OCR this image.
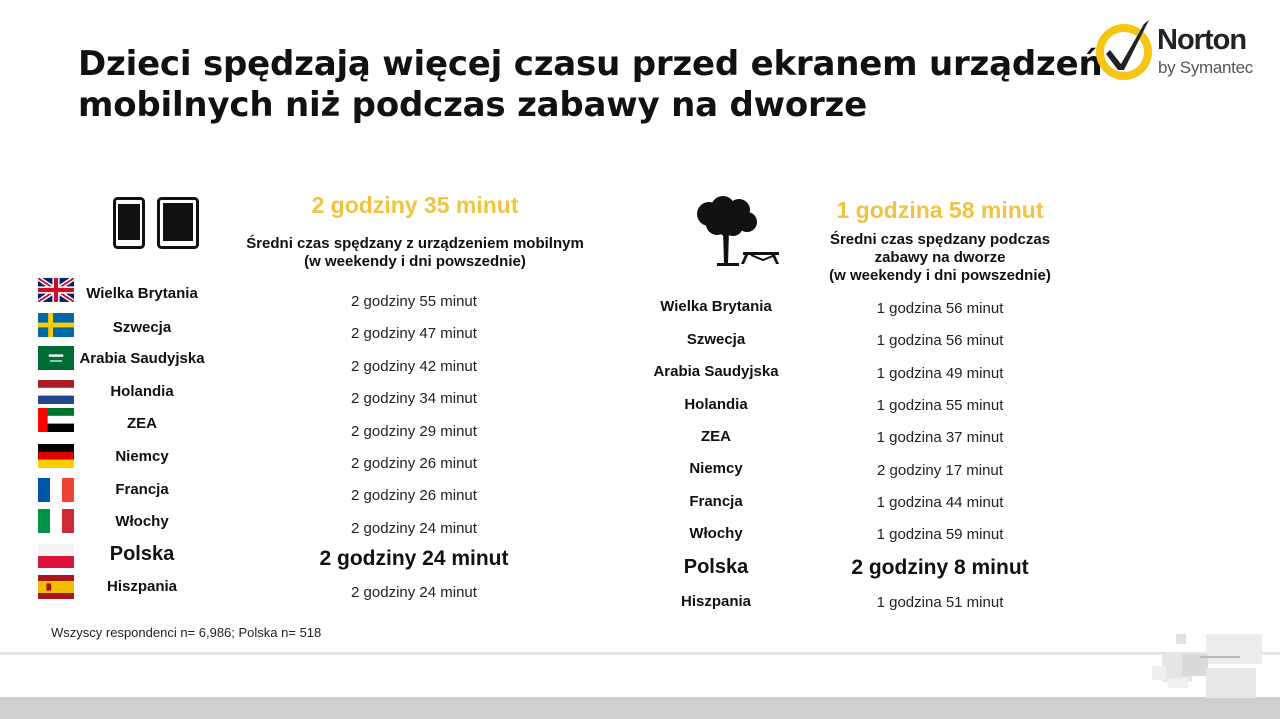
Dzieci spędzają więcej czasu przed ekranem urządzeń
mobilnych niż podczas zabawy na dworze
Norton
by Symantec
2 godziny 35 minut
Średni czas spędzany z urządzeniem mobilnym
(w weekendy i dni powszednie)
1 godzina 58 minut
Średni czas spędzany podczas
zabawy na dworze
(w weekendy i dni powszednie)
Wielka Brytania
Szwecja
Arabia Saudyjska
Holandia
ZEA
Niemcy
Francja
Włochy
Polska
Hiszpania
2 godziny 55 minut
2 godziny 47 minut
2 godziny 42 minut
2 godziny 34 minut
2 godziny 29 minut
2 godziny 26 minut
2 godziny 26 minut
2 godziny 24 minut
2 godziny 24 minut
2 godziny 24 minut
Wielka Brytania
Szwecja
Arabia Saudyjska
Holandia
ZEA
Niemcy
Francja
Włochy
Polska
Hiszpania
1 godzina 56 minut
1 godzina 56 minut
1 godzina 49 minut
1 godzina 55 minut
1 godzina 37 minut
2 godziny 17 minut
1 godzina 44 minut
1 godzina 59 minut
2 godziny 8 minut
1 godzina 51 minut
Wszyscy respondenci n= 6,986; Polska n= 518
